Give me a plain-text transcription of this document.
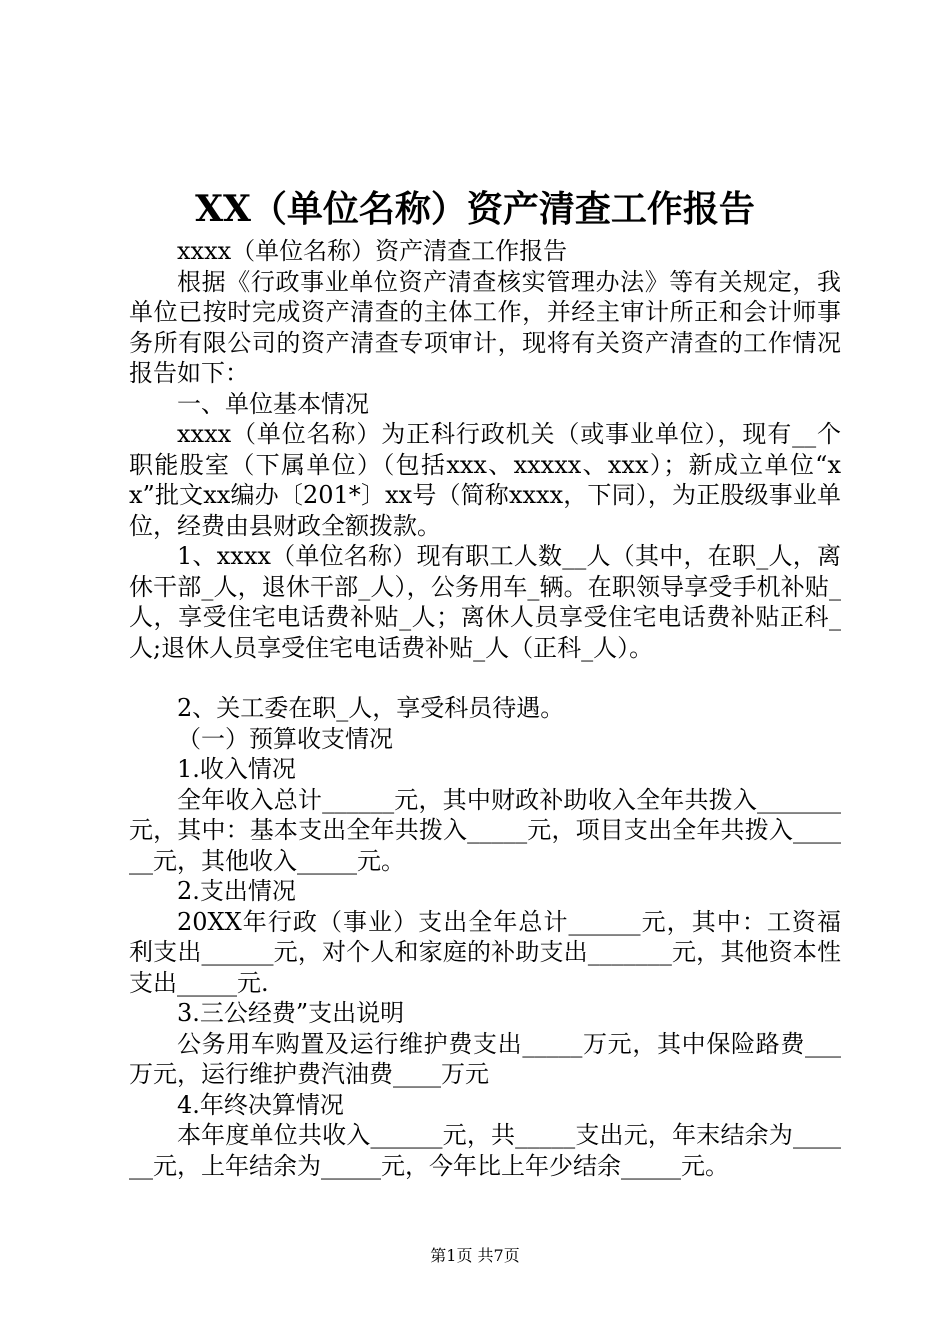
XX（单位名称）资产清查工作报告

xxxx（单位名称）资产清查工作报告

根据《行政事业单位资产清查核实管理办法》等有关规定，我单位已按时完成资产清查的主体工作，并经主审计所正和会计师事务所有限公司的资产清查专项审计，现将有关资产清查的工作情况报告如下：

一、单位基本情况

xxxx（单位名称）为正科行政机关（或事业单位），现有__个职能股室（下属单位）（包括xxx、xxxxx、xxx）；新成立单位“xx”批文xx编办〔201*〕xx号（简称xxxx，下同），为正股级事业单位，经费由县财政全额拨款。

1、xxxx（单位名称）现有职工人数__人（其中，在职_人，离休干部_人，退休干部_人），公务用车_辆。在职领导享受手机补贴_人，享受住宅电话费补贴_人；离休人员享受住宅电话费补贴正科_人;退休人员享受住宅电话费补贴_人（正科_人）。

2、关工委在职_人，享受科员待遇。

（一）预算收支情况

1.收入情况

全年收入总计______元，其中财政补助收入全年共拨入_______元，其中：基本支出全年共拨入_____元，项目支出全年共拨入______元，其他收入_____元。

2.支出情况

20XX年行政（事业）支出全年总计______元，其中：工资福利支出______元，对个人和家庭的补助支出_______元，其他资本性支出_____元.

3.三公经费”支出说明

公务用车购置及运行维护费支出_____万元，其中保险路费___万元，运行维护费汽油费____万元

4.年终决算情况

本年度单位共收入______元，共_____支出元，年末结余为______元，上年结余为_____元，今年比上年少结余_____元。

第1页 共7页
